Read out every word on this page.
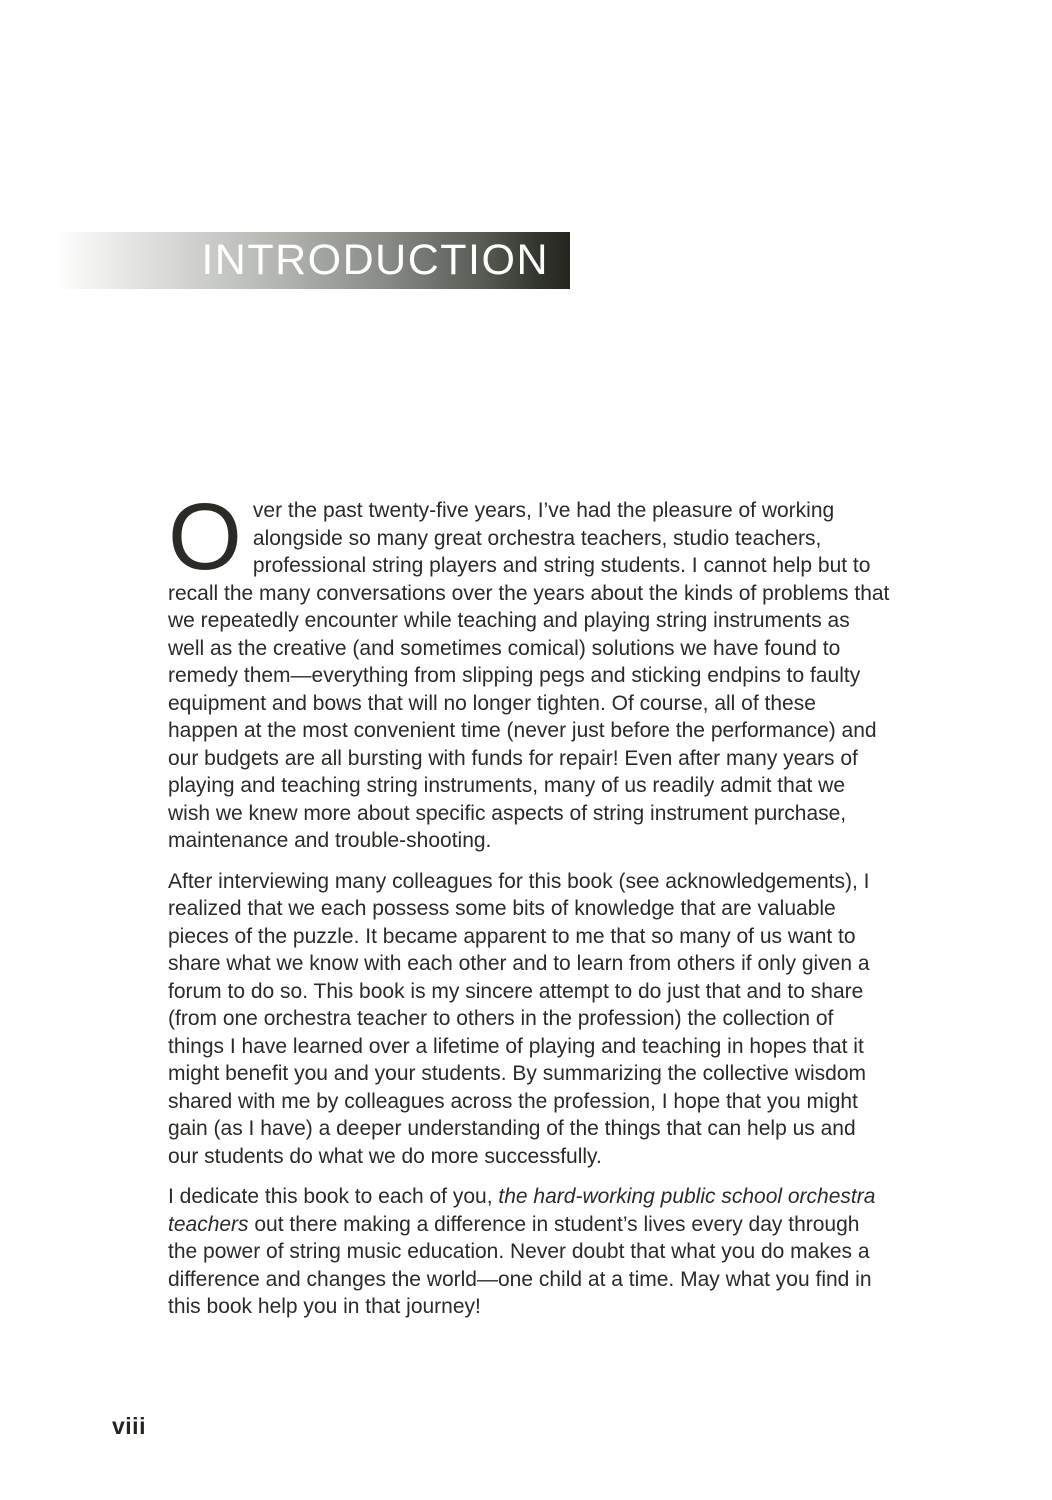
INTRODUCTION

Over the past twenty-five years, I’ve had the pleasure of working alongside so many great orchestra teachers, studio teachers, professional string players and string students. I cannot help but to recall the many conversations over the years about the kinds of problems that we repeatedly encounter while teaching and playing string instruments as well as the creative (and sometimes comical) solutions we have found to remedy them—everything from slipping pegs and sticking endpins to faulty equipment and bows that will no longer tighten. Of course, all of these happen at the most convenient time (never just before the performance) and our budgets are all bursting with funds for repair! Even after many years of playing and teaching string instruments, many of us readily admit that we wish we knew more about specific aspects of string instrument purchase, maintenance and trouble-shooting.

After interviewing many colleagues for this book (see acknowledgements), I realized that we each possess some bits of knowledge that are valuable pieces of the puzzle. It became apparent to me that so many of us want to share what we know with each other and to learn from others if only given a forum to do so. This book is my sincere attempt to do just that and to share (from one orchestra teacher to others in the profession) the collection of things I have learned over a lifetime of playing and teaching in hopes that it might benefit you and your students. By summarizing the collective wisdom shared with me by colleagues across the profession, I hope that you might gain (as I have) a deeper understanding of the things that can help us and our students do what we do more successfully.

I dedicate this book to each of you, the hard-working public school orchestra teachers out there making a difference in student’s lives every day through the power of string music education. Never doubt that what you do makes a difference and changes the world—one child at a time. May what you find in this book help you in that journey!

viii
